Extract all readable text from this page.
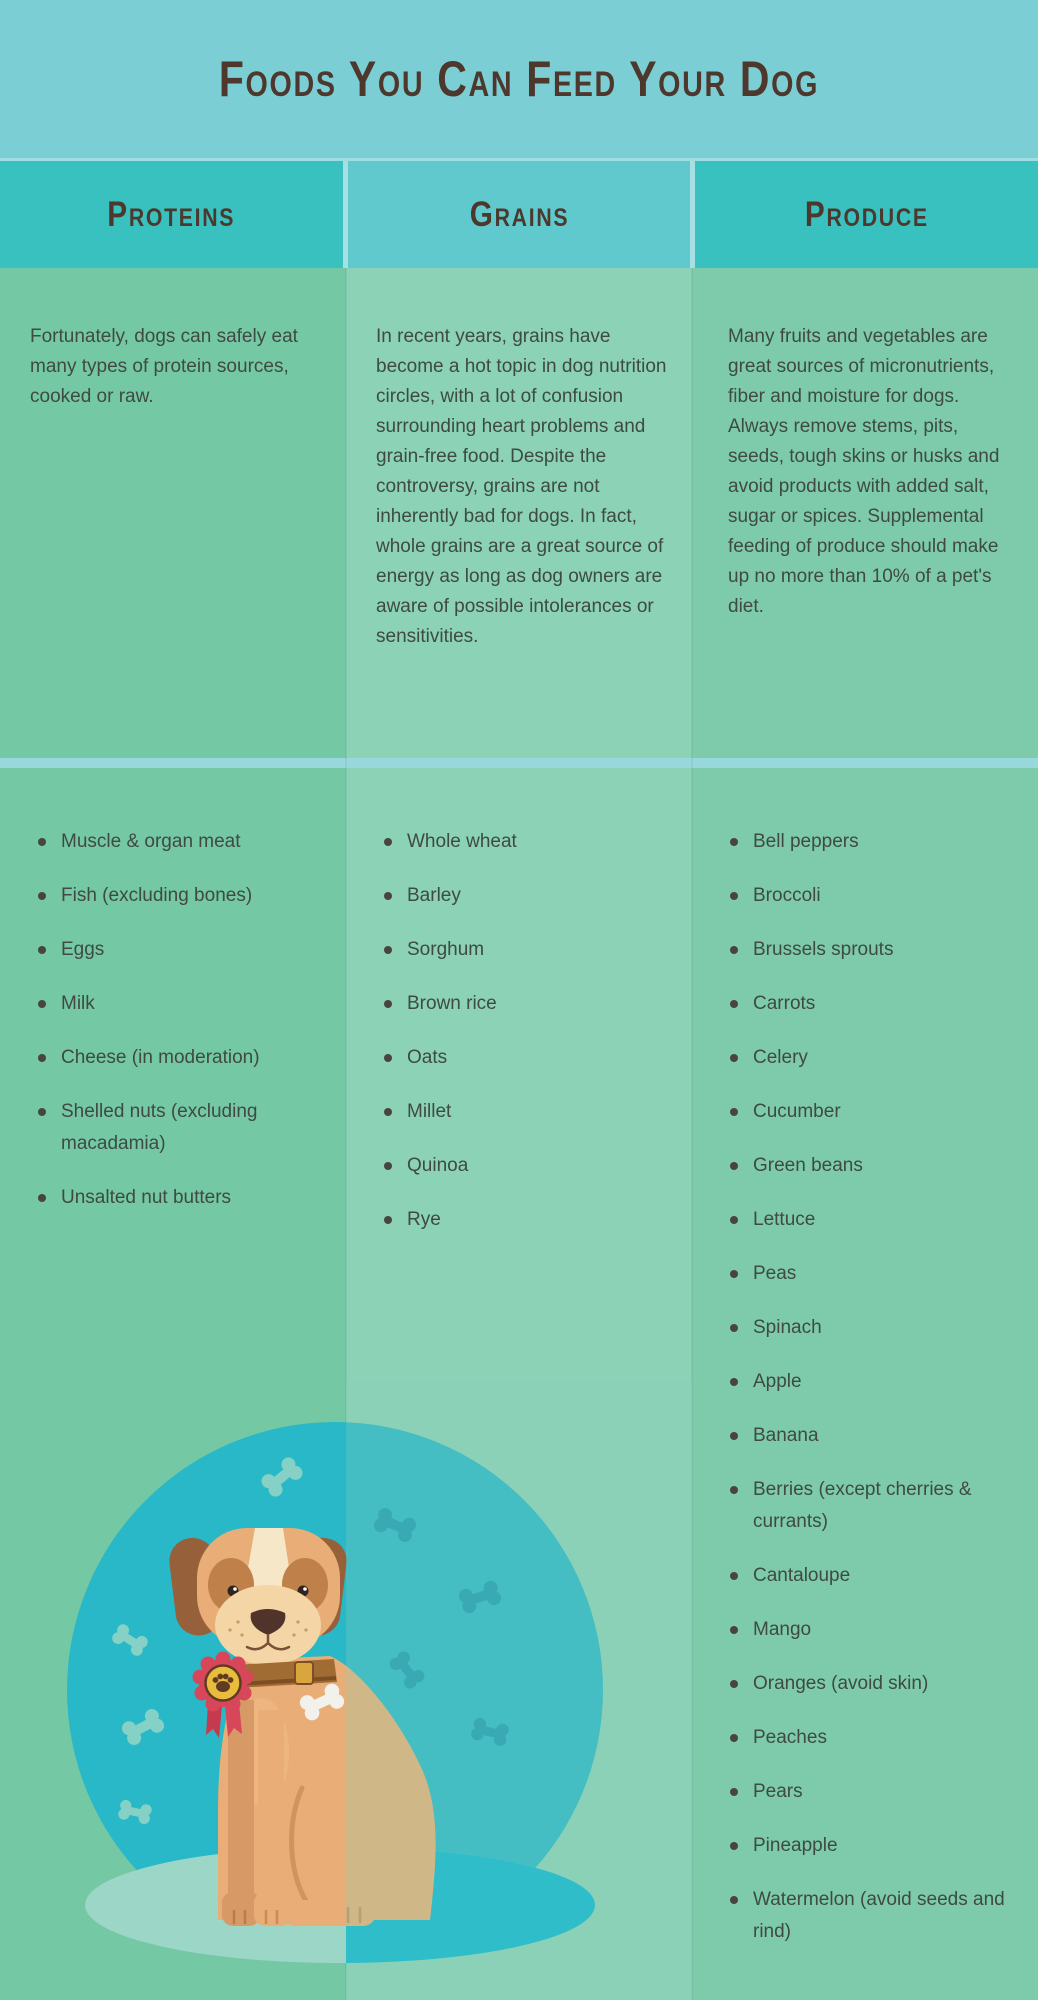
Foods You Can Feed Your Dog
Proteins	Grains	Produce

Fortunately, dogs can safely eat many types of protein sources, cooked or raw.

Muscle & organ meat
Fish (excluding bones)
Eggs
Milk
Cheese (in moderation)
Shelled nuts (excluding macadamia)
Unsalted nut butters

In recent years, grains have become a hot topic in dog nutrition circles, with a lot of confusion surrounding heart problems and grain-free food. Despite the controversy, grains are not inherently bad for dogs. In fact, whole grains are a great source of energy as long as dog owners are aware of possible intolerances or sensitivities.

Whole wheat
Barley
Sorghum
Brown rice
Oats
Millet
Quinoa
Rye

Many fruits and vegetables are great sources of micronutrients, fiber and moisture for dogs. Always remove stems, pits, seeds, tough skins or husks and avoid products with added salt, sugar or spices. Supplemental feeding of produce should make up no more than 10% of a pet's diet.

Bell peppers
Broccoli
Brussels sprouts
Carrots
Celery
Cucumber
Green beans
Lettuce
Peas
Spinach
Apple
Banana
Berries (except cherries & currants)
Cantaloupe
Mango
Oranges (avoid skin)
Peaches
Pears
Pineapple
Watermelon (avoid seeds and rind)
